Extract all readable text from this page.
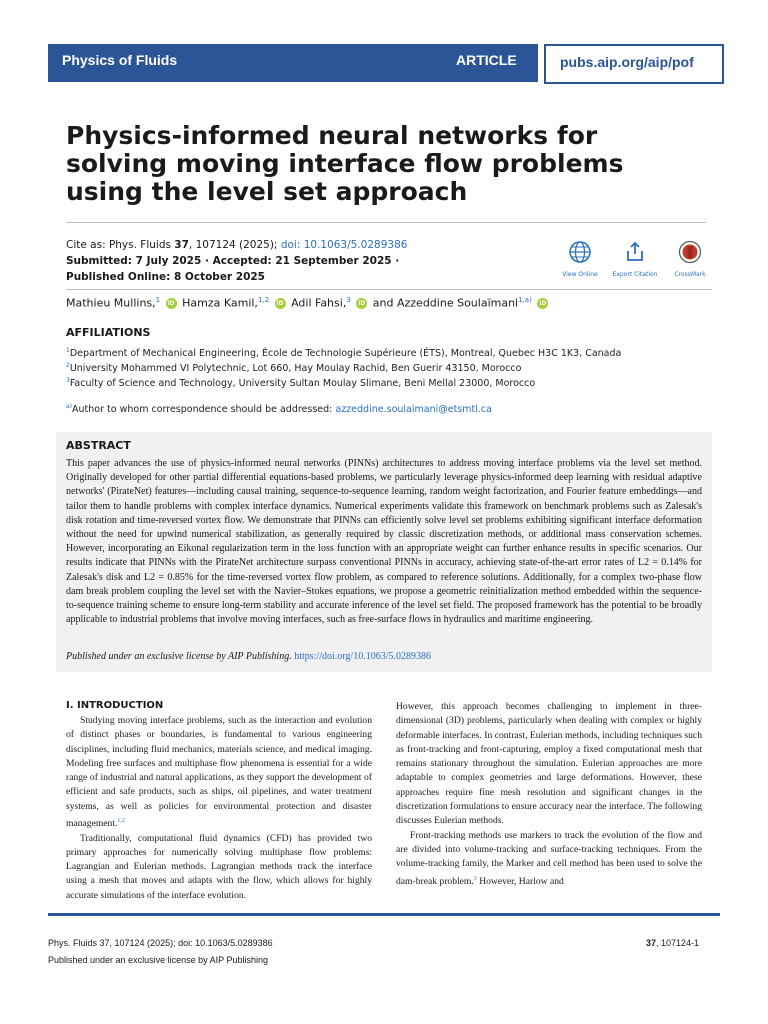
Physics of Fluids	ARTICLE	pubs.aip.org/aip/pof
Physics-informed neural networks for solving moving interface flow problems using the level set approach
Cite as: Phys. Fluids 37, 107124 (2025); doi: 10.1063/5.0289386
Submitted: 7 July 2025 · Accepted: 21 September 2025 ·
Published Online: 8 October 2025	View Online	Export Citation	CrossMark
Mathieu Mullins,$^1$ iD Hamza Kamil,$^{1,2}$ iD Adil Fahsi,$^3$ iD and Azzeddine Soulaïmani$^{1,a)}$ iD
AFFILIATIONS
$^1$Department of Mechanical Engineering, École de Technologie Supérieure (ÉTS), Montreal, Quebec H3C 1K3, Canada
$^2$University Mohammed VI Polytechnic, Lot 660, Hay Moulay Rachid, Ben Guerir 43150, Morocco
$^3$Faculty of Science and Technology, University Sultan Moulay Slimane, Beni Mellal 23000, Morocco
$^{a)}$Author to whom correspondence should be addressed: azzeddine.soulaimani@etsmtl.ca
ABSTRACT
This paper advances the use of physics-informed neural networks (PINNs) architectures to address moving interface problems via the level set method. Originally developed for other partial differential equations-based problems, we particularly leverage physics-informed deep learning with residual adaptive networks' (PirateNet) features—including causal training, sequence-to-sequence learning, random weight factorization, and Fourier feature embeddings—and tailor them to handle problems with complex interface dynamics. Numerical experiments validate this framework on benchmark problems such as Zalesak's disk rotation and time-reversed vortex flow. We demonstrate that PINNs can efficiently solve level set problems exhibiting significant interface deformation without the need for upwind numerical stabilization, as generally required by classic discretization methods, or additional mass conservation schemes. However, incorporating an Eikonal regularization term in the loss function with an appropriate weight can further enhance results in specific scenarios. Our results indicate that PINNs with the PirateNet architecture surpass conventional PINNs in accuracy, achieving state-of-the-art error rates of L2 = 0.14% for Zalesak's disk and L2 = 0.85% for the time-reversed vortex flow problem, as compared to reference solutions. Additionally, for a complex two-phase flow dam break problem coupling the level set with the Navier–Stokes equations, we propose a geometric reinitialization method embedded within the sequence-to-sequence training scheme to ensure long-term stability and accurate inference of the level set field. The proposed framework has the potential to be broadly applicable to industrial problems that involve moving interfaces, such as free-surface flows in hydraulics and maritime engineering.
Published under an exclusive license by AIP Publishing. https://doi.org/10.1063/5.0289386
I. INTRODUCTION

Studying moving interface problems, such as the interaction and evolution of distinct phases or boundaries, is fundamental to various engineering disciplines, including fluid mechanics, materials science, and medical imaging. Modeling free surfaces and multiphase flow phenomena is essential for a wide range of industrial and natural applications, as they support the development of efficient and safe products, such as ships, oil pipelines, and water treatment systems, as well as policies for environmental protection and disaster management.$^{1,2}$

Traditionally, computational fluid dynamics (CFD) has provided two primary approaches for numerically solving multiphase flow problems: Lagrangian and Eulerian methods. Lagrangian methods track the interface using a mesh that moves and adapts with the flow, which allows for highly accurate simulations of the interface evolution.

However, this approach becomes challenging to implement in three-dimensional (3D) problems, particularly when dealing with complex or highly deformable interfaces. In contrast, Eulerian methods, including techniques such as front-tracking and front-capturing, employ a fixed computational mesh that remains stationary throughout the simulation. Eulerian approaches are more adaptable to complex geometries and large deformations. However, these approaches require fine mesh resolution and significant changes in the discretization formulations to ensure accuracy near the interface. The following discusses Eulerian methods.

Front-tracking methods use markers to track the evolution of the flow and are divided into volume-tracking and surface-tracking techniques. From the volume-tracking family, the Marker and cell method has been used to solve the dam-break problem.$^3$ However, Harlow and

Phys. Fluids 37, 107124 (2025); doi: 10.1063/5.0289386
Published under an exclusive license by AIP Publishing
37, 107124-1
